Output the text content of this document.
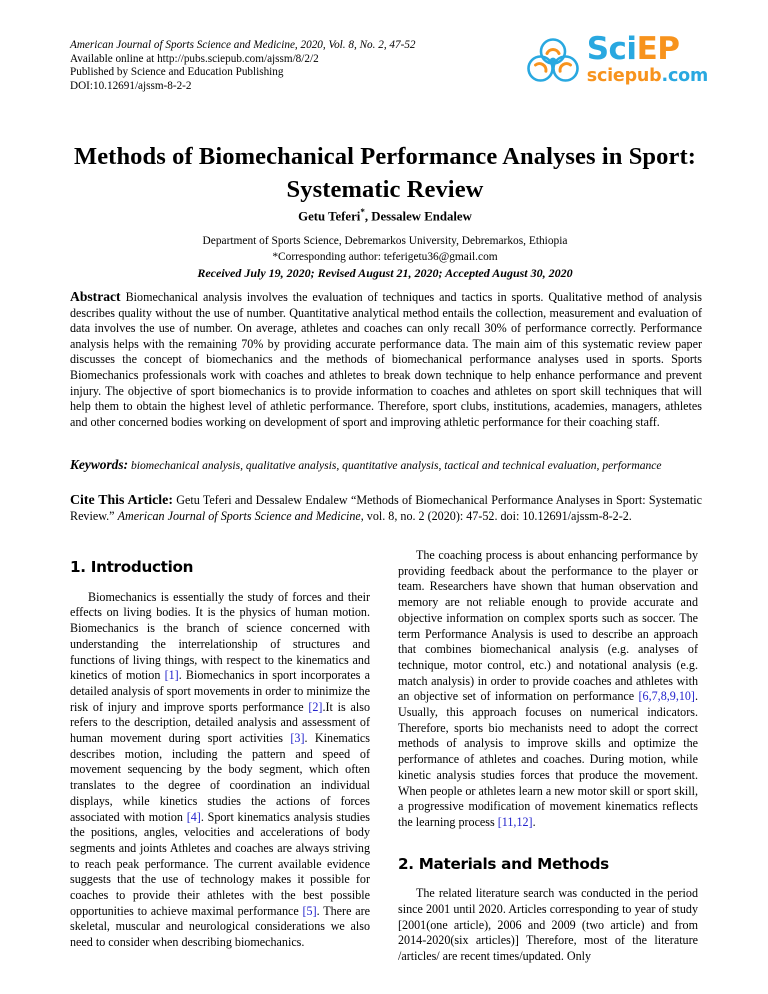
American Journal of Sports Science and Medicine, 2020, Vol. 8, No. 2, 47-52
Available online at http://pubs.sciepub.com/ajssm/8/2/2
Published by Science and Education Publishing
DOI:10.12691/ajssm-8-2-2
SciEP
sciepub.com
Methods of Biomechanical Performance Analyses in Sport: Systematic Review
Getu Teferi*, Dessalew Endalew
Department of Sports Science, Debremarkos University, Debremarkos, Ethiopia
*Corresponding author: teferigetu36@gmail.com
Received July 19, 2020; Revised August 21, 2020; Accepted August 30, 2020
Abstract Biomechanical analysis involves the evaluation of techniques and tactics in sports. Qualitative method of analysis describes quality without the use of number. Quantitative analytical method entails the collection, measurement and evaluation of data involves the use of number. On average, athletes and coaches can only recall 30% of performance correctly. Performance analysis helps with the remaining 70% by providing accurate performance data. The main aim of this systematic review paper discusses the concept of biomechanics and the methods of biomechanical performance analyses used in sports. Sports Biomechanics professionals work with coaches and athletes to break down technique to help enhance performance and prevent injury. The objective of sport biomechanics is to provide information to coaches and athletes on sport skill techniques that will help them to obtain the highest level of athletic performance. Therefore, sport clubs, institutions, academies, managers, athletes and other concerned bodies working on development of sport and improving athletic performance for their coaching staff.
Keywords: biomechanical analysis, qualitative analysis, quantitative analysis, tactical and technical evaluation, performance
Cite This Article: Getu Teferi and Dessalew Endalew “Methods of Biomechanical Performance Analyses in Sport: Systematic Review.” American Journal of Sports Science and Medicine, vol. 8, no. 2 (2020): 47-52. doi: 10.12691/ajssm-8-2-2.
1. Introduction

Biomechanics is essentially the study of forces and their effects on living bodies. It is the physics of human motion. Biomechanics is the branch of science concerned with understanding the interrelationship of structures and functions of living things, with respect to the kinematics and kinetics of motion [1]. Biomechanics in sport incorporates a detailed analysis of sport movements in order to minimize the risk of injury and improve sports performance [2].It is also refers to the description, detailed analysis and assessment of human movement during sport activities [3]. Kinematics describes motion, including the pattern and speed of movement sequencing by the body segment, which often translates to the degree of coordination an individual displays, while kinetics studies the actions of forces associated with motion [4]. Sport kinematics analysis studies the positions, angles, velocities and accelerations of body segments and joints Athletes and coaches are always striving to reach peak performance. The current available evidence suggests that the use of technology makes it possible for coaches to provide their athletes with the best possible opportunities to achieve maximal performance [5]. There are skeletal, muscular and neurological considerations we also need to consider when describing biomechanics.

The coaching process is about enhancing performance by providing feedback about the performance to the player or team. Researchers have shown that human observation and memory are not reliable enough to provide accurate and objective information on complex sports such as soccer. The term Performance Analysis is used to describe an approach that combines biomechanical analysis (e.g. analyses of technique, motor control, etc.) and notational analysis (e.g. match analysis) in order to provide coaches and athletes with an objective set of information on performance [6,7,8,9,10]. Usually, this approach focuses on numerical indicators. Therefore, sports bio mechanists need to adopt the correct methods of analysis to improve skills and optimize the performance of athletes and coaches. During motion, while kinetic analysis studies forces that produce the movement. When people or athletes learn a new motor skill or sport skill, a progressive modification of movement kinematics reflects the learning process [11,12].

2. Materials and Methods

The related literature search was conducted in the period since 2001 until 2020. Articles corresponding to year of study [2001(one article), 2006 and 2009 (two article) and from 2014-2020(six articles)] Therefore, most of the literature /articles/ are recent times/updated. Only
